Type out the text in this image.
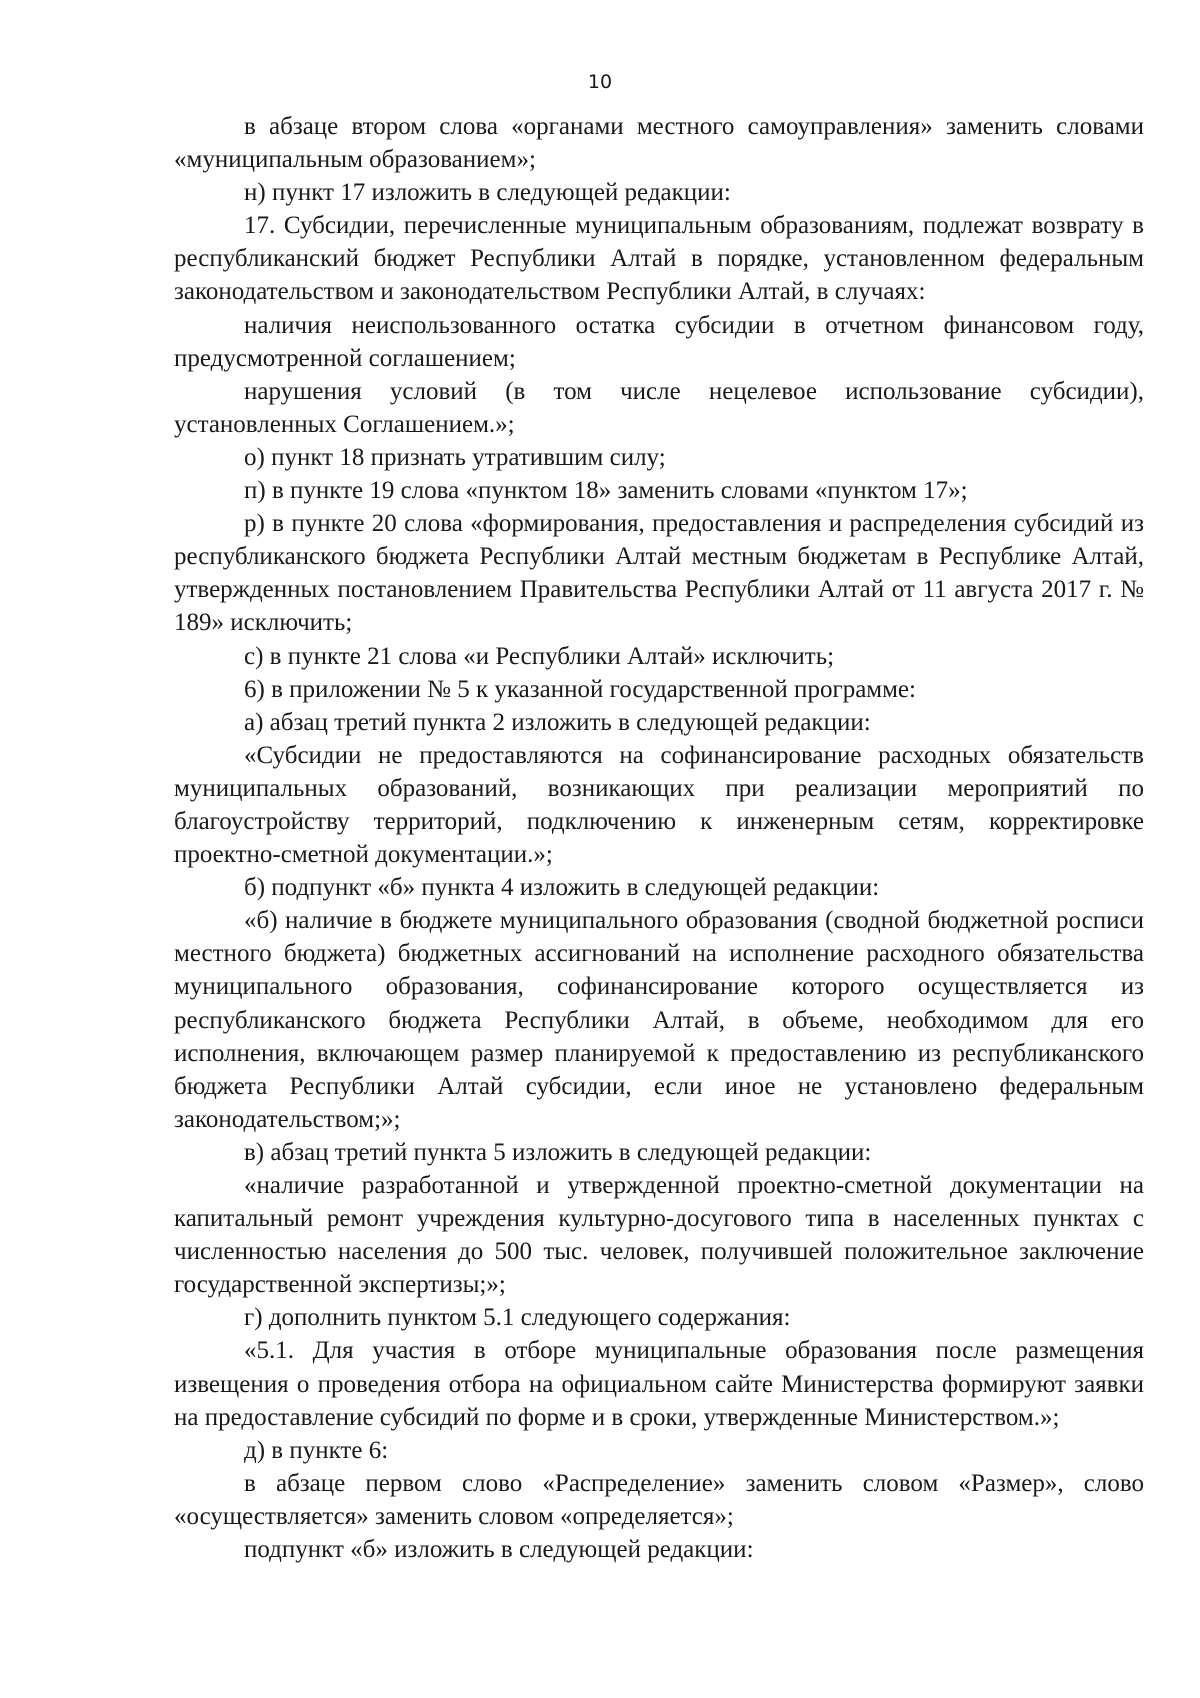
10

в абзаце втором слова «органами местного самоуправления» заменить словами «муниципальным образованием»;

н) пункт 17 изложить в следующей редакции:

17. Субсидии, перечисленные муниципальным образованиям, подлежат возврату в республиканский бюджет Республики Алтай в порядке, установленном федеральным законодательством и законодательством Республики Алтай, в случаях:

наличия неиспользованного остатка субсидии в отчетном финансовом году, предусмотренной соглашением;

нарушения условий (в том числе нецелевое использование субсидии), установленных Соглашением.»;

о) пункт 18 признать утратившим силу;

п) в пункте 19 слова «пунктом 18» заменить словами «пунктом 17»;

р) в пункте 20 слова «формирования, предоставления и распределения субсидий из республиканского бюджета Республики Алтай местным бюджетам в Республике Алтай, утвержденных постановлением Правительства Республики Алтай от 11 августа 2017 г. № 189» исключить;

с) в пункте 21 слова «и Республики Алтай» исключить;

6) в приложении № 5 к указанной государственной программе:

а) абзац третий пункта 2 изложить в следующей редакции:

«Субсидии не предоставляются на софинансирование расходных обязательств муниципальных образований, возникающих при реализации мероприятий по благоустройству территорий, подключению к инженерным сетям, корректировке проектно-сметной документации.»;

б) подпункт «б» пункта 4 изложить в следующей редакции:

«б) наличие в бюджете муниципального образования (сводной бюджетной росписи местного бюджета) бюджетных ассигнований на исполнение расходного обязательства муниципального образования, софинансирование которого осуществляется из республиканского бюджета Республики Алтай, в объеме, необходимом для его исполнения, включающем размер планируемой к предоставлению из республиканского бюджета Республики Алтай субсидии, если иное не установлено федеральным законодательством;»;

в) абзац третий пункта 5 изложить в следующей редакции:

«наличие разработанной и утвержденной проектно-сметной документации на капитальный ремонт учреждения культурно-досугового типа в населенных пунктах с численностью населения до 500 тыс. человек, получившей положительное заключение государственной экспертизы;»;

г) дополнить пунктом 5.1 следующего содержания:

«5.1. Для участия в отборе муниципальные образования после размещения извещения о проведения отбора на официальном сайте Министерства формируют заявки на предоставление субсидий по форме и в сроки, утвержденные Министерством.»;

д) в пункте 6:

в абзаце первом слово «Распределение» заменить словом «Размер», слово «осуществляется» заменить словом «определяется»;

подпункт «б» изложить в следующей редакции:
